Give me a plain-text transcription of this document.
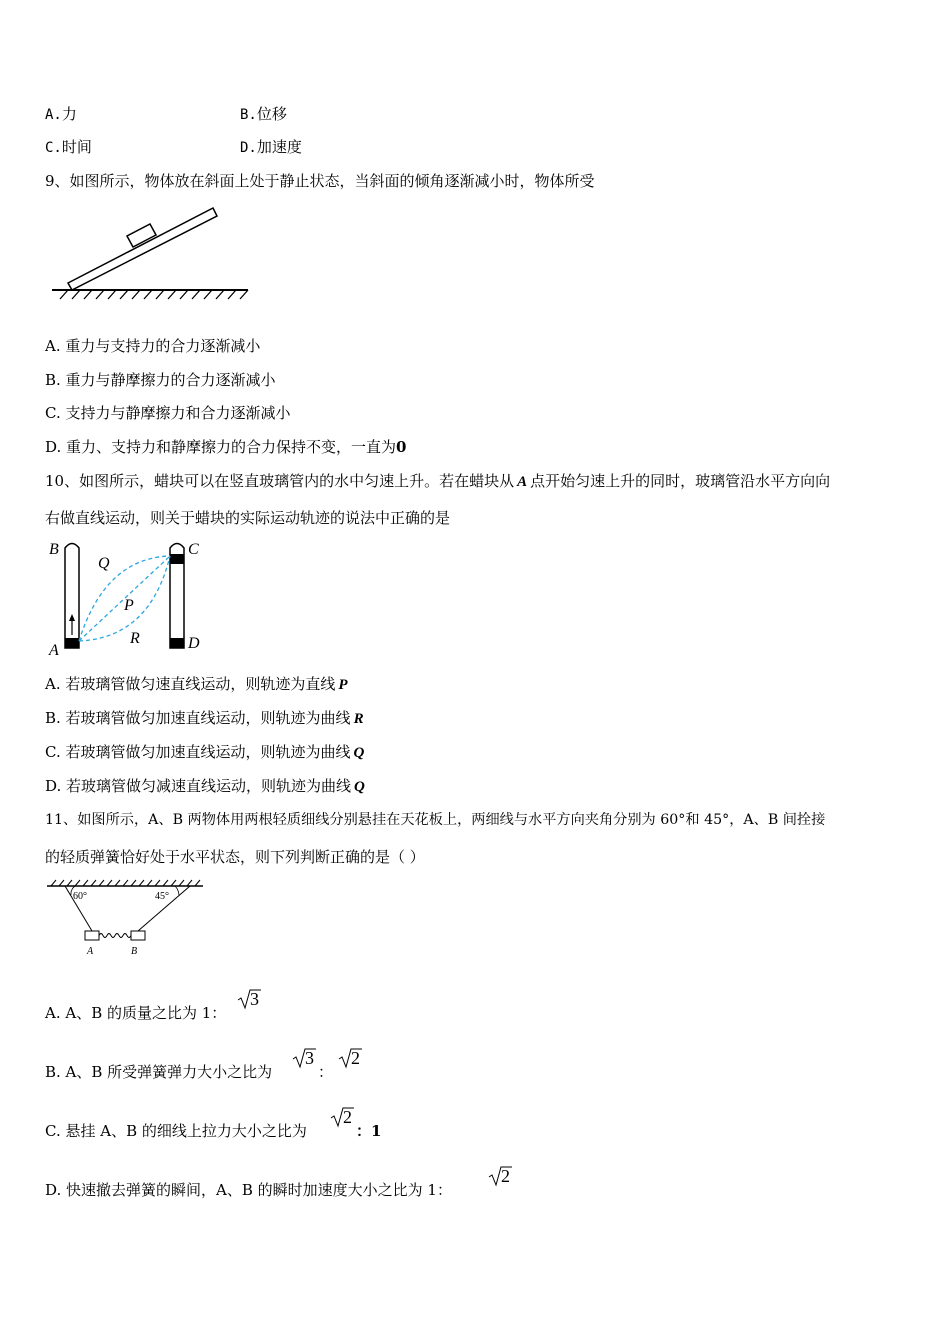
A.力	B.位移
C.时间	D.加速度
9、如图所示，物体放在斜面上处于静止状态，当斜面的倾角逐渐减小时，物体所受
A. 重力与支持力的合力逐渐减小
B. 重力与静摩擦力的合力逐渐减小
C. 支持力与静摩擦力和合力逐渐减小
D. 重力、支持力和静摩擦力的合力保持不变，一直为0
10、如图所示，蜡块可以在竖直玻璃管内的水中匀速上升。若在蜡块从 A 点开始匀速上升的同时，玻璃管沿水平方向向
右做直线运动，则关于蜡块的实际运动轨迹的说法中正确的是
B	C
Q
P
R
A	D
A. 若玻璃管做匀速直线运动，则轨迹为直线 P
B. 若玻璃管做匀加速直线运动，则轨迹为曲线 R
C. 若玻璃管做匀加速直线运动，则轨迹为曲线 Q
D. 若玻璃管做匀减速直线运动，则轨迹为曲线 Q
11、如图所示，A、B 两物体用两根轻质细线分别悬挂在天花板上，两细线与水平方向夹角分别为 60°和 45°，A、B 间拴接
的轻质弹簧恰好处于水平状态，则下列判断正确的是（ ）
60°	45°
A	B
A. A、B 的质量之比为 1：
3
B. A、B 所受弹簧弹力大小之比为
3
：
2
C. 悬挂 A、B 的细线上拉力大小之比为
2
：1
D. 快速撤去弹簧的瞬间，A、B 的瞬时加速度大小之比为 1：
2
